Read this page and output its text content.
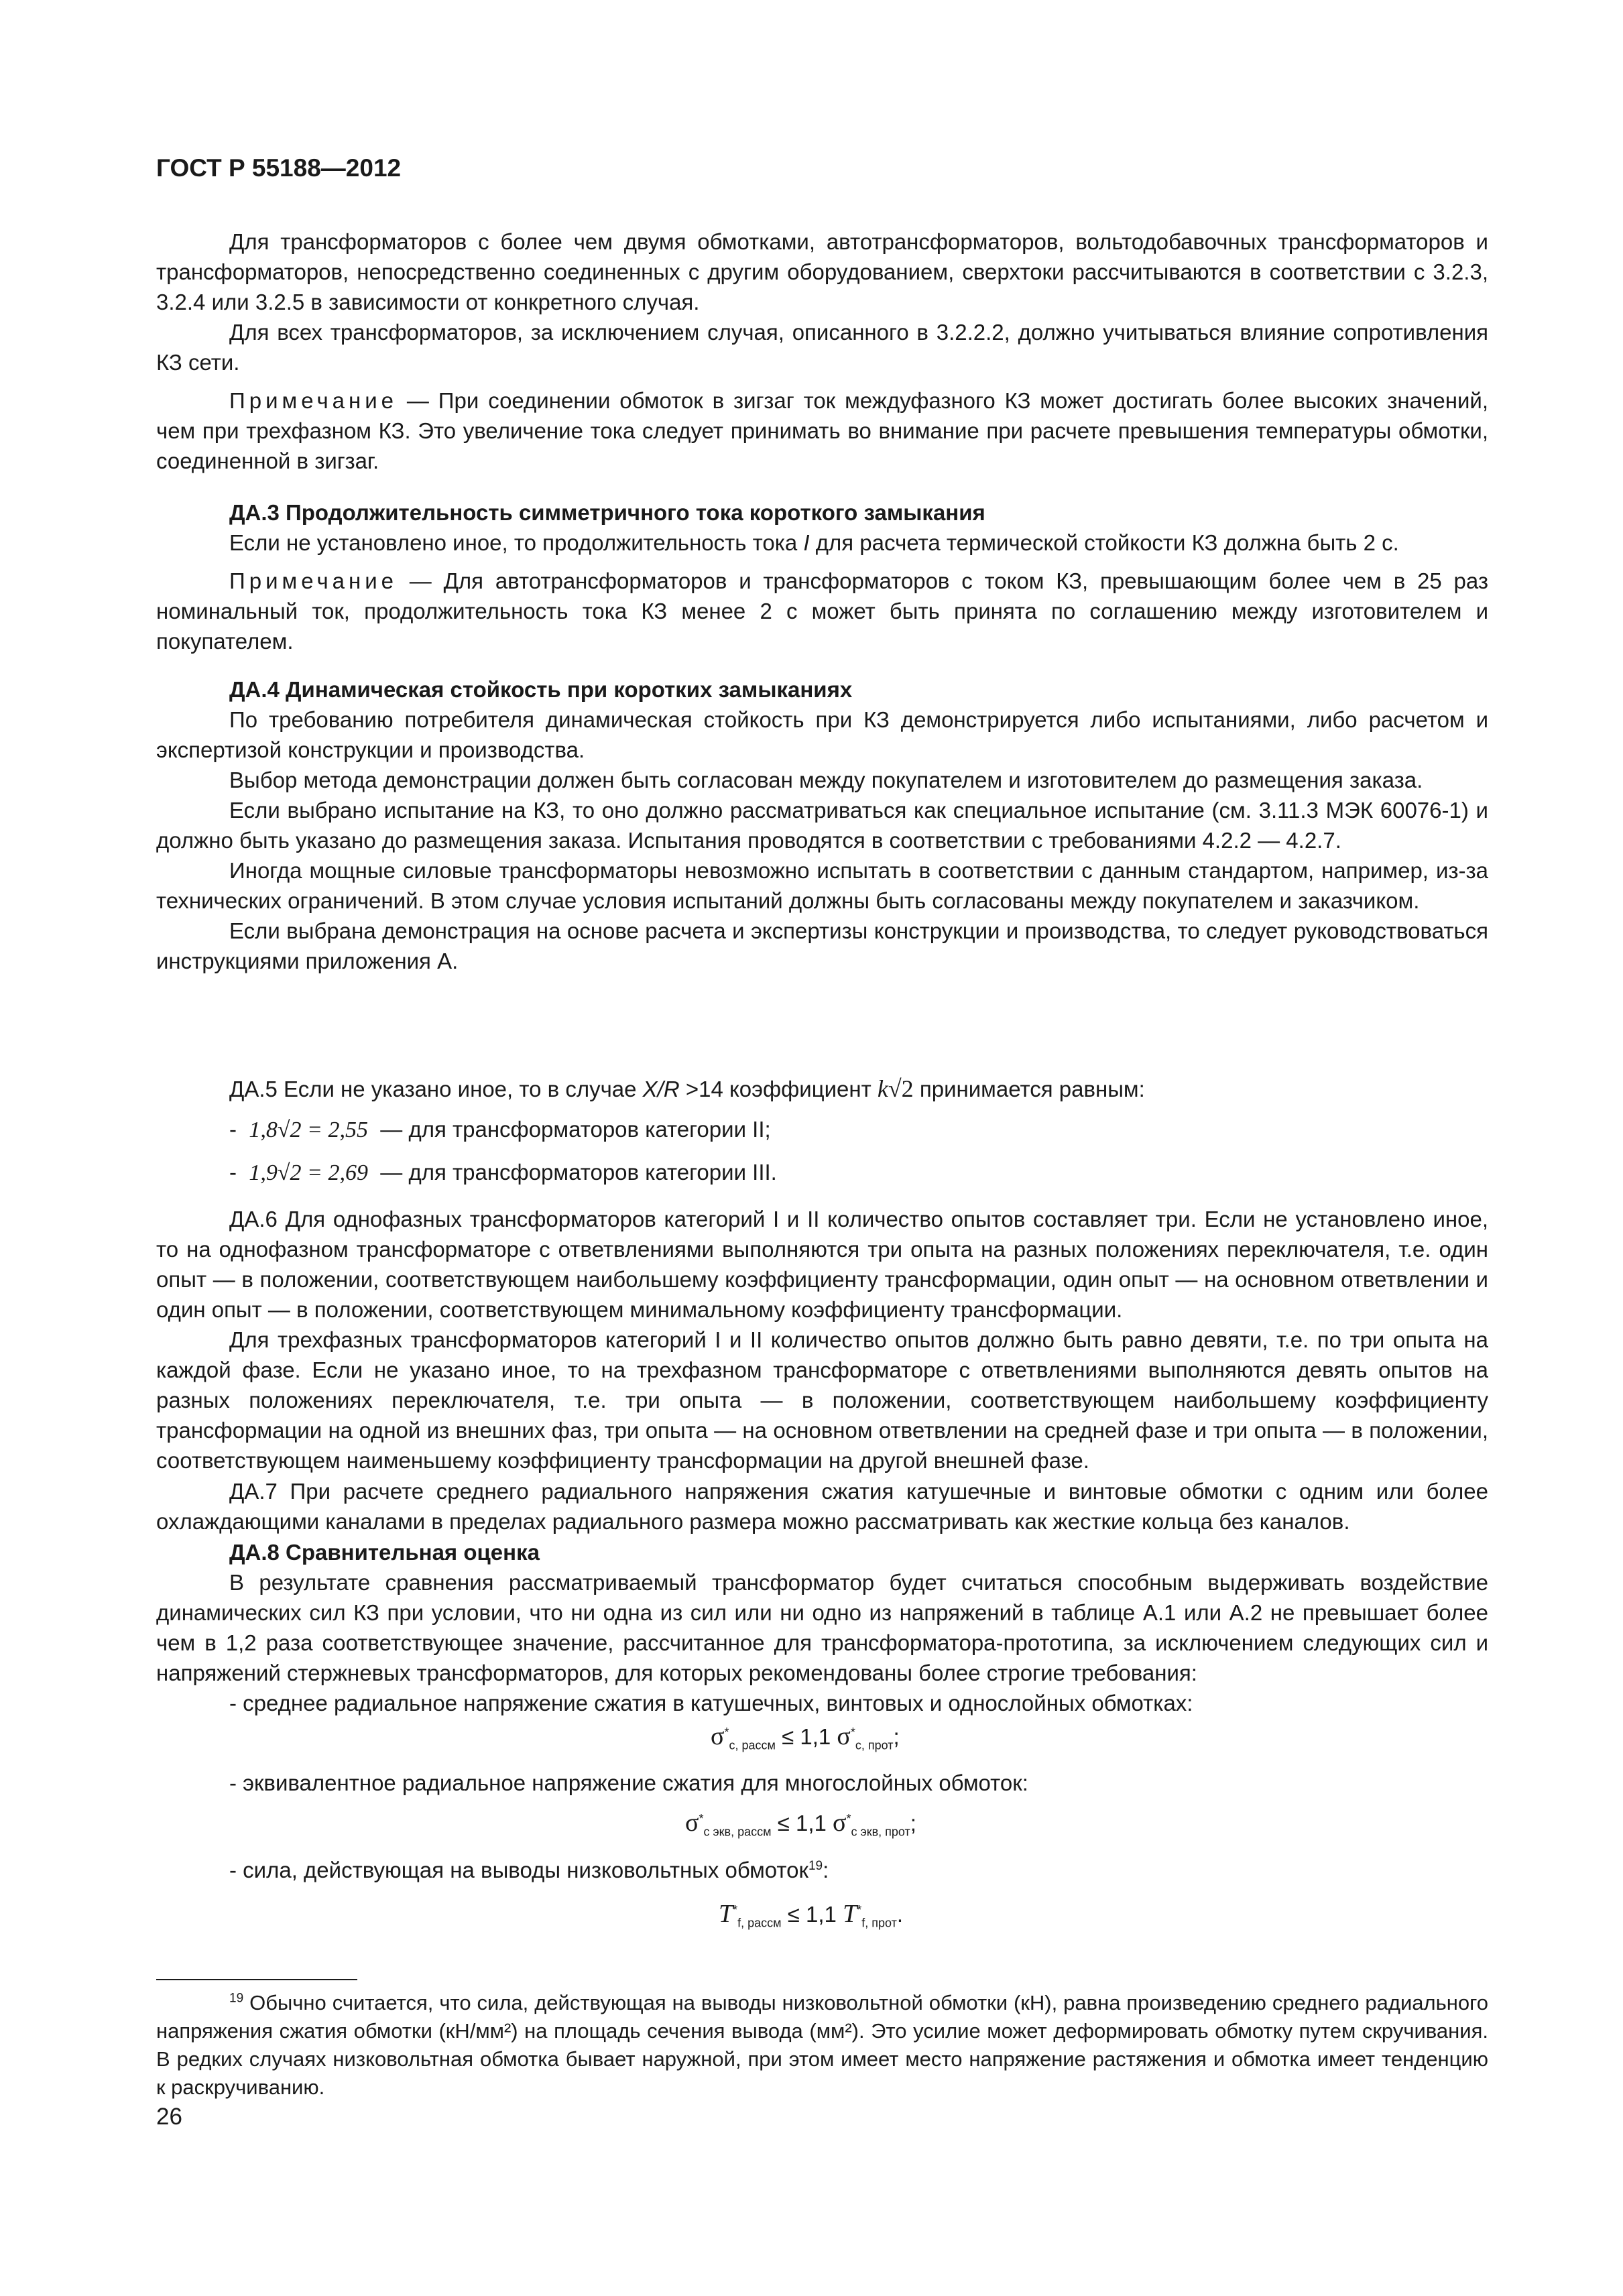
ГОСТ Р 55188—2012

Для трансформаторов с более чем двумя обмотками, автотрансформаторов, вольтодобавочных трансформаторов и трансформаторов, непосредственно соединенных с другим оборудованием, сверхтоки рассчитываются в соответствии с 3.2.3, 3.2.4 или 3.2.5 в зависимости от конкретного случая.

Для всех трансформаторов, за исключением случая, описанного в 3.2.2.2, должно учитываться влияние сопротивления КЗ сети.

Примечание — При соединении обмоток в зигзаг ток междуфазного КЗ может достигать более высоких значений, чем при трехфазном КЗ. Это увеличение тока следует принимать во внимание при расчете превышения температуры обмотки, соединенной в зигзаг.

ДА.3 Продолжительность симметричного тока короткого замыкания

Если не установлено иное, то продолжительность тока I для расчета термической стойкости КЗ должна быть 2 с.

Примечание — Для автотрансформаторов и трансформаторов с током КЗ, превышающим более чем в 25 раз номинальный ток, продолжительность тока КЗ менее 2 с может быть принята по соглашению между изготовителем и покупателем.

ДА.4 Динамическая стойкость при коротких замыканиях

По требованию потребителя динамическая стойкость при КЗ демонстрируется либо испытаниями, либо расчетом и экспертизой конструкции и производства.

Выбор метода демонстрации должен быть согласован между покупателем и изготовителем до размещения заказа.

Если выбрано испытание на КЗ, то оно должно рассматриваться как специальное испытание (см. 3.11.3 МЭК 60076-1) и должно быть указано до размещения заказа. Испытания проводятся в соответствии с требованиями 4.2.2 — 4.2.7.

Иногда мощные силовые трансформаторы невозможно испытать в соответствии с данным стандартом, например, из-за технических ограничений. В этом случае условия испытаний должны быть согласованы между покупателем и заказчиком.

Если выбрана демонстрация на основе расчета и экспертизы конструкции и производства, то следует руководствоваться инструкциями приложения А.

ДА.5 Если не указано иное, то в случае X/R >14 коэффициент k√2 принимается равным:

- 1,8√2 = 2,55  — для трансформаторов категории II;
- 1,9√2 = 2,69  — для трансформаторов категории III.

ДА.6 Для однофазных трансформаторов категорий I и II количество опытов составляет три. Если не установлено иное, то на однофазном трансформаторе с ответвлениями выполняются три опыта на разных положениях переключателя, т.е. один опыт — в положении, соответствующем наибольшему коэффициенту трансформации, один опыт — на основном ответвлении и один опыт — в положении, соответствующем минимальному коэффициенту трансформации.

Для трехфазных трансформаторов категорий I и II количество опытов должно быть равно девяти, т.е. по три опыта на каждой фазе. Если не указано иное, то на трехфазном трансформаторе с ответвлениями выполняются девять опытов на разных положениях переключателя, т.е. три опыта — в положении, соответствующем наибольшему коэффициенту трансформации на одной из внешних фаз, три опыта — на основном ответвлении на средней фазе и три опыта — в положении, соответствующем наименьшему коэффициенту трансформации на другой внешней фазе.

ДА.7 При расчете среднего радиального напряжения сжатия катушечные и винтовые обмотки с одним или более охлаждающими каналами в пределах радиального размера можно рассматривать как жесткие кольца без каналов.

ДА.8 Сравнительная оценка

В результате сравнения рассматриваемый трансформатор будет считаться способным выдерживать воздействие динамических сил КЗ при условии, что ни одна из сил или ни одно из напряжений в таблице А.1 или А.2 не превышает более чем в 1,2 раза соответствующее значение, рассчитанное для трансформатора-прототипа, за исключением следующих сил и напряжений стержневых трансформаторов, для которых рекомендованы более строгие требования:

- среднее радиальное напряжение сжатия в катушечных, винтовых и однослойных обмотках:

$\sigma^*_{с, рассм} \le 1,1$ $\sigma^*_{с, прот}$;

- эквивалентное радиальное напряжение сжатия для многослойных обмоток:

$\sigma^*_{с экв, рассм} \le 1,1$ $\sigma^*_{с экв, прот}$;

- сила, действующая на выводы низковольтных обмоток$^{19}$:

$T^*_{f, рассм} \le 1,1$ $T^*_{f, прот}$.

$^{19}$ Обычно считается, что сила, действующая на выводы низковольтной обмотки (кН), равна произведению среднего радиального напряжения сжатия обмотки (кН/мм²) на площадь сечения вывода (мм²). Это усилие может деформировать обмотку путем скручивания. В редких случаях низковольтная обмотка бывает наружной, при этом имеет место напряжение растяжения и обмотка имеет тенденцию к раскручиванию.

26
